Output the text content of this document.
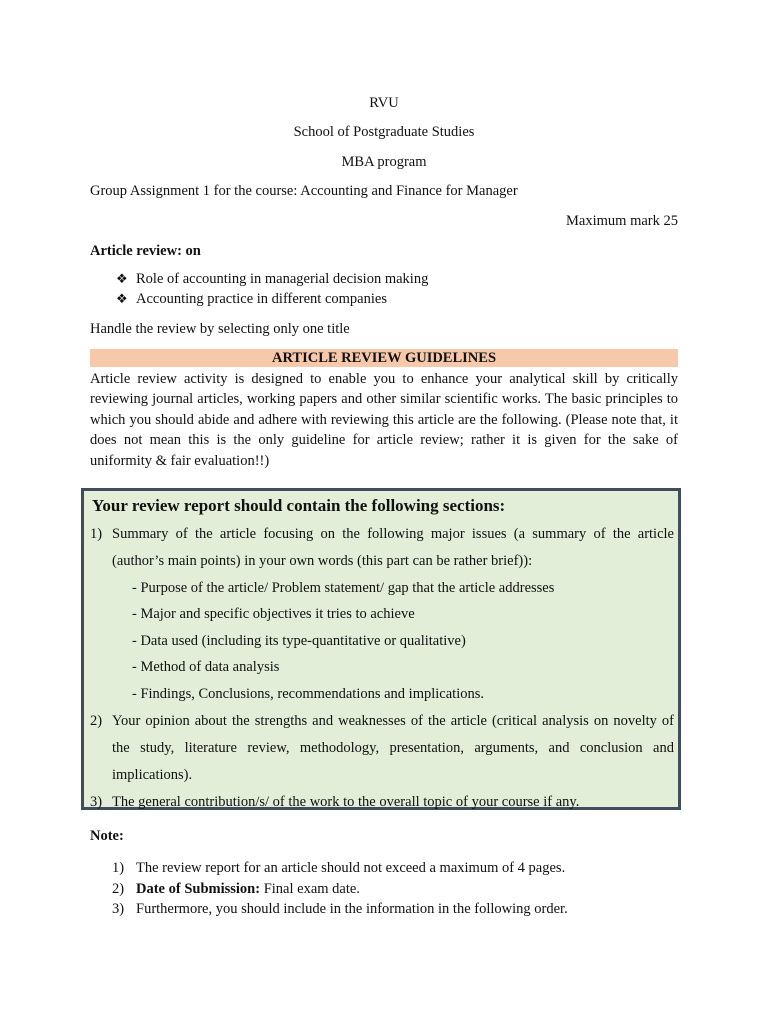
RVU
School of Postgraduate Studies
MBA program
Group Assignment 1 for the course: Accounting and Finance for Manager
Maximum mark 25
Article review: on
❖ Role of accounting in managerial decision making
❖ Accounting practice in different companies
Handle the review by selecting only one title
ARTICLE REVIEW GUIDELINES
Article review activity is designed to enable you to enhance your analytical skill by critically reviewing journal articles, working papers and other similar scientific works. The basic principles to which you should abide and adhere with reviewing this article are the following. (Please note that, it does not mean this is the only guideline for article review; rather it is given for the sake of uniformity & fair evaluation!!)
Your review report should contain the following sections:
1) Summary of the article focusing on the following major issues (a summary of the article (author’s main points) in your own words (this part can be rather brief)):
- Purpose of the article/ Problem statement/ gap that the article addresses
- Major and specific objectives it tries to achieve
- Data used (including its type-quantitative or qualitative)
- Method of data analysis
- Findings, Conclusions, recommendations and implications.
2) Your opinion about the strengths and weaknesses of the article (critical analysis on novelty of the study, literature review, methodology, presentation, arguments, and conclusion and implications).
3) The general contribution/s/ of the work to the overall topic of your course if any.
Note:
1) The review report for an article should not exceed a maximum of 4 pages.
2) Date of Submission: Final exam date.
3) Furthermore, you should include in the information in the following order.
